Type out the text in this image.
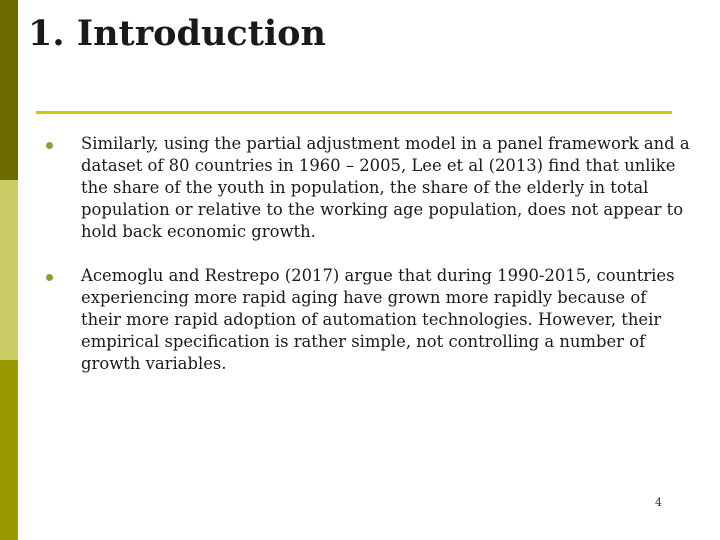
1. Introduction
Similarly, using the partial adjustment model in a panel framework and a dataset of 80 countries in 1960 – 2005, Lee et al (2013) find that unlike the share of the youth in population, the share of the elderly in total population or relative to the working age population, does not appear to hold back economic growth.
Acemoglu and Restrepo (2017) argue that during 1990-2015, countries experiencing more rapid aging have grown more rapidly because of their more rapid adoption of automation technologies. However, their empirical specification is rather simple, not controlling a number of growth variables.
4
